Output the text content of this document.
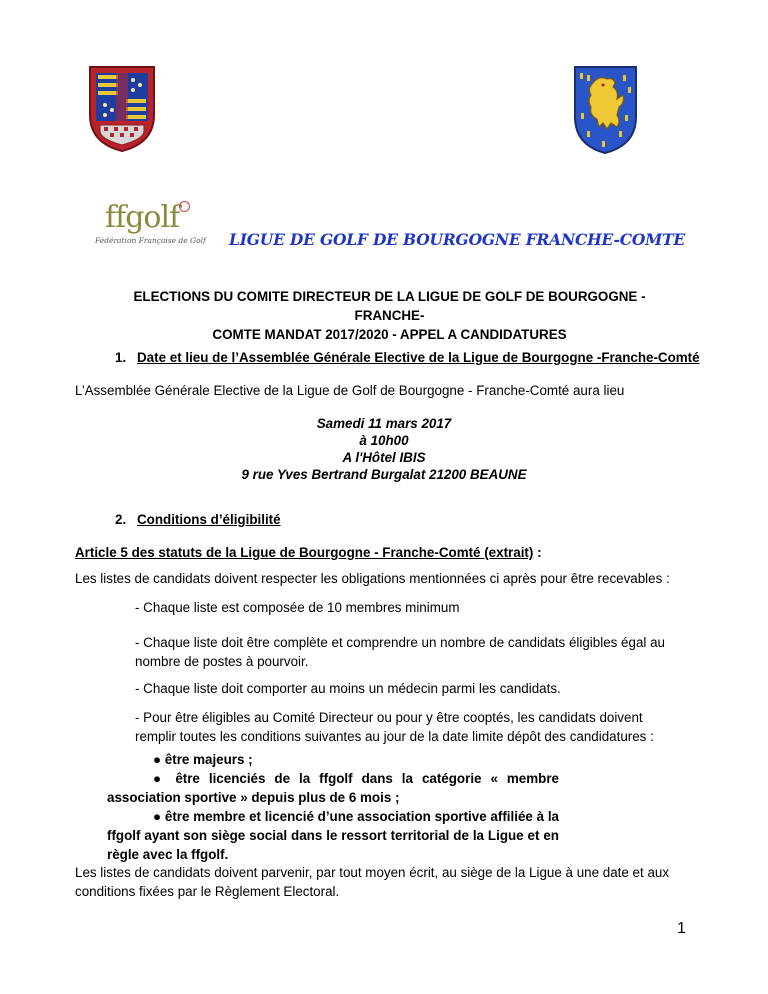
ffgolf
Fédération Française de Golf LIGUE DE GOLF DE BOURGOGNE FRANCHE-COMTE
ELECTIONS DU COMITE DIRECTEUR DE LA LIGUE DE GOLF DE BOURGOGNE - FRANCHE-
COMTE MANDAT 2017/2020 - APPEL A CANDIDATURES
1. Date et lieu de l’Assemblée Générale Elective de la Ligue de Bourgogne -Franche-Comté
L’Assemblée Générale Elective de la Ligue de Golf de Bourgogne - Franche-Comté aura lieu
Samedi 11 mars 2017
à 10h00
A l'Hôtel IBIS
9 rue Yves Bertrand Burgalat 21200 BEAUNE
2. Conditions d’éligibilité
Article 5 des statuts de la Ligue de Bourgogne - Franche-Comté (extrait) :
Les listes de candidats doivent respecter les obligations mentionnées ci après pour être recevables :
- Chaque liste est composée de 10 membres minimum
- Chaque liste doit être complète et comprendre un nombre de candidats éligibles égal au nombre de postes à pourvoir.
- Chaque liste doit comporter au moins un médecin parmi les candidats.
- Pour être éligibles au Comité Directeur ou pour y être cooptés, les candidats doivent remplir toutes les conditions suivantes au jour de la date limite dépôt des candidatures :

● être majeurs ;

● être licenciés de la ffgolf dans la catégorie « membre association sportive » depuis plus de 6 mois ;

● être membre et licencié d’une association sportive affiliée à la ffgolf ayant son siège social dans le ressort territorial de la Ligue et en règle avec la ffgolf.

Les listes de candidats doivent parvenir, par tout moyen écrit, au siège de la Ligue à une date et aux conditions fixées par le Règlement Electoral.
1
